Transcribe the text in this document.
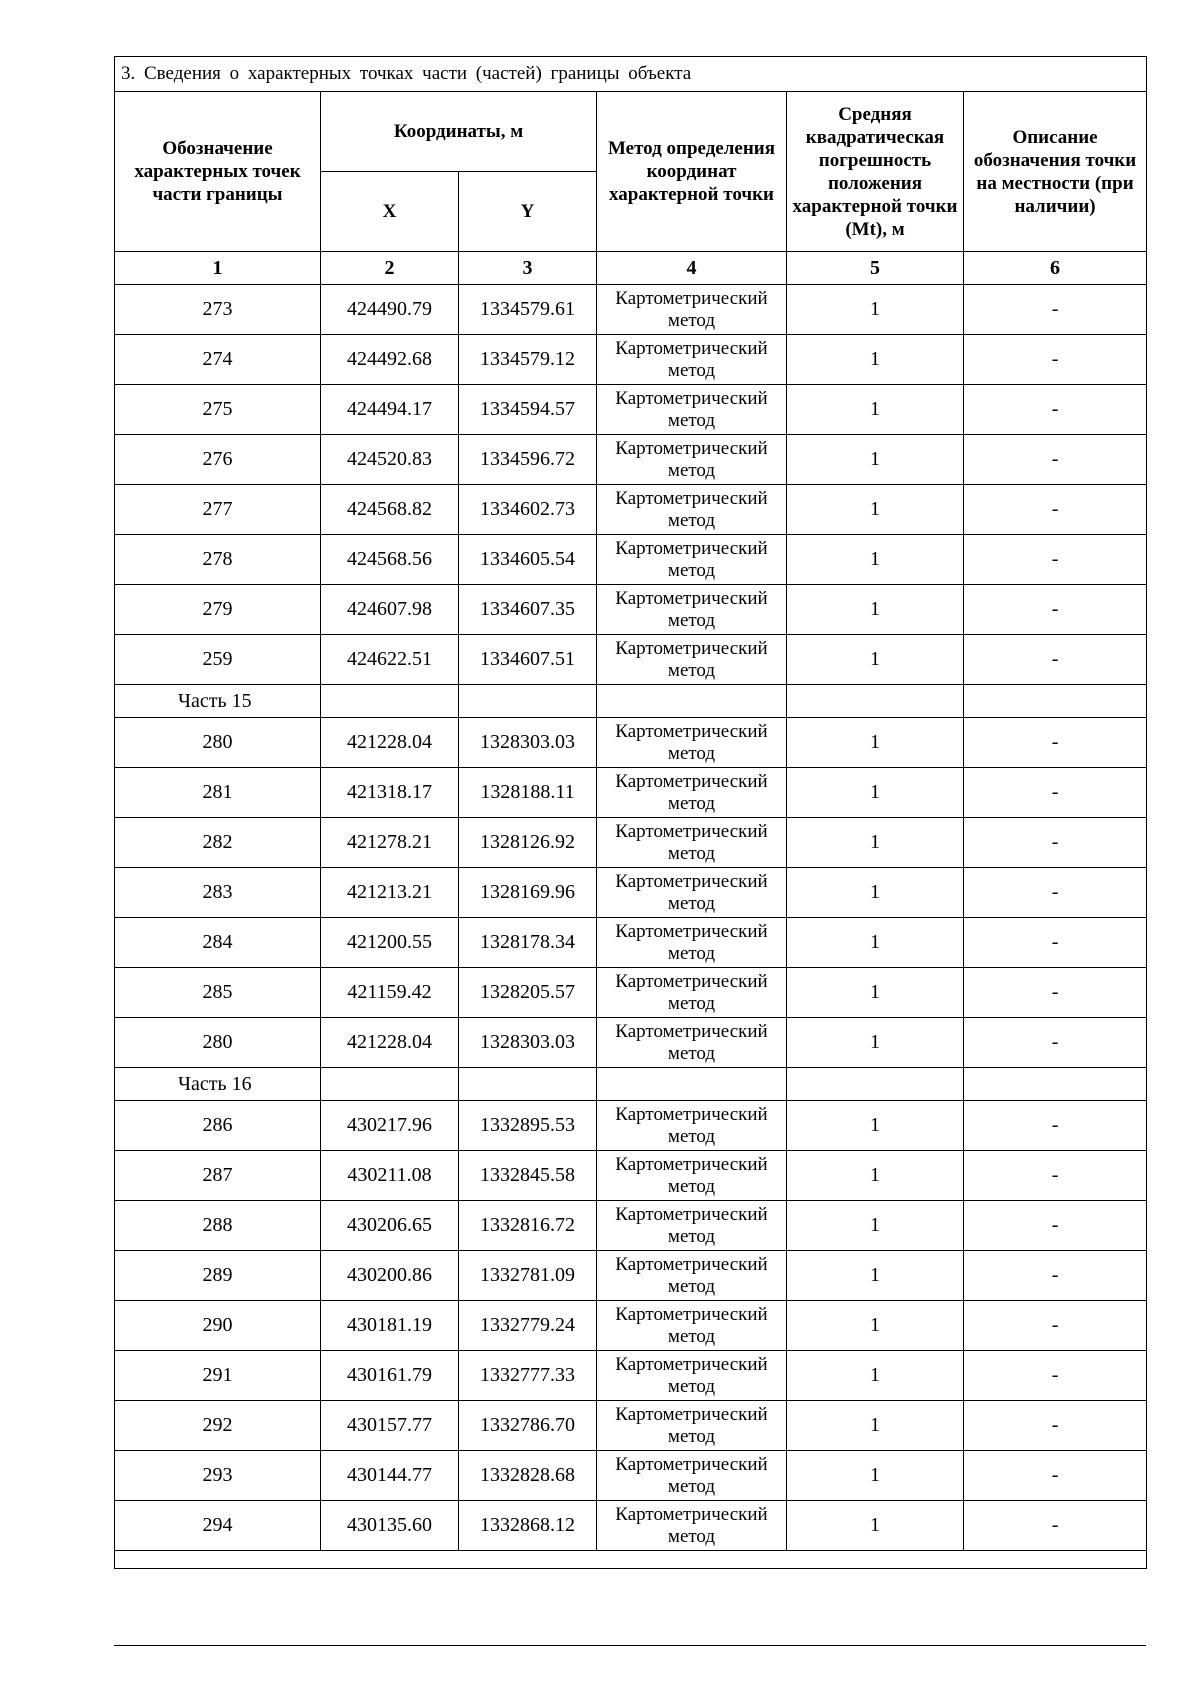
3. Сведения о характерных точках части (частей) границы объекта					
Обозначение характерных точек части границы	Координаты, м		Метод определения координат характерной точки	Средняя квадратическая погрешность положения характерной точки (Mt), м	Описание обозначения точки на местности (при наличии)
	X	Y			
1	2	3	4	5	6
273	424490.79	1334579.61	Картометрический метод	1	-
274	424492.68	1334579.12	Картометрический метод	1	-
275	424494.17	1334594.57	Картометрический метод	1	-
276	424520.83	1334596.72	Картометрический метод	1	-
277	424568.82	1334602.73	Картометрический метод	1	-
278	424568.56	1334605.54	Картометрический метод	1	-
279	424607.98	1334607.35	Картометрический метод	1	-
259	424622.51	1334607.51	Картометрический метод	1	-
Часть 15					
280	421228.04	1328303.03	Картометрический метод	1	-
281	421318.17	1328188.11	Картометрический метод	1	-
282	421278.21	1328126.92	Картометрический метод	1	-
283	421213.21	1328169.96	Картометрический метод	1	-
284	421200.55	1328178.34	Картометрический метод	1	-
285	421159.42	1328205.57	Картометрический метод	1	-
280	421228.04	1328303.03	Картометрический метод	1	-
Часть 16					
286	430217.96	1332895.53	Картометрический метод	1	-
287	430211.08	1332845.58	Картометрический метод	1	-
288	430206.65	1332816.72	Картометрический метод	1	-
289	430200.86	1332781.09	Картометрический метод	1	-
290	430181.19	1332779.24	Картометрический метод	1	-
291	430161.79	1332777.33	Картометрический метод	1	-
292	430157.77	1332786.70	Картометрический метод	1	-
293	430144.77	1332828.68	Картометрический метод	1	-
294	430135.60	1332868.12	Картометрический метод	1	-
